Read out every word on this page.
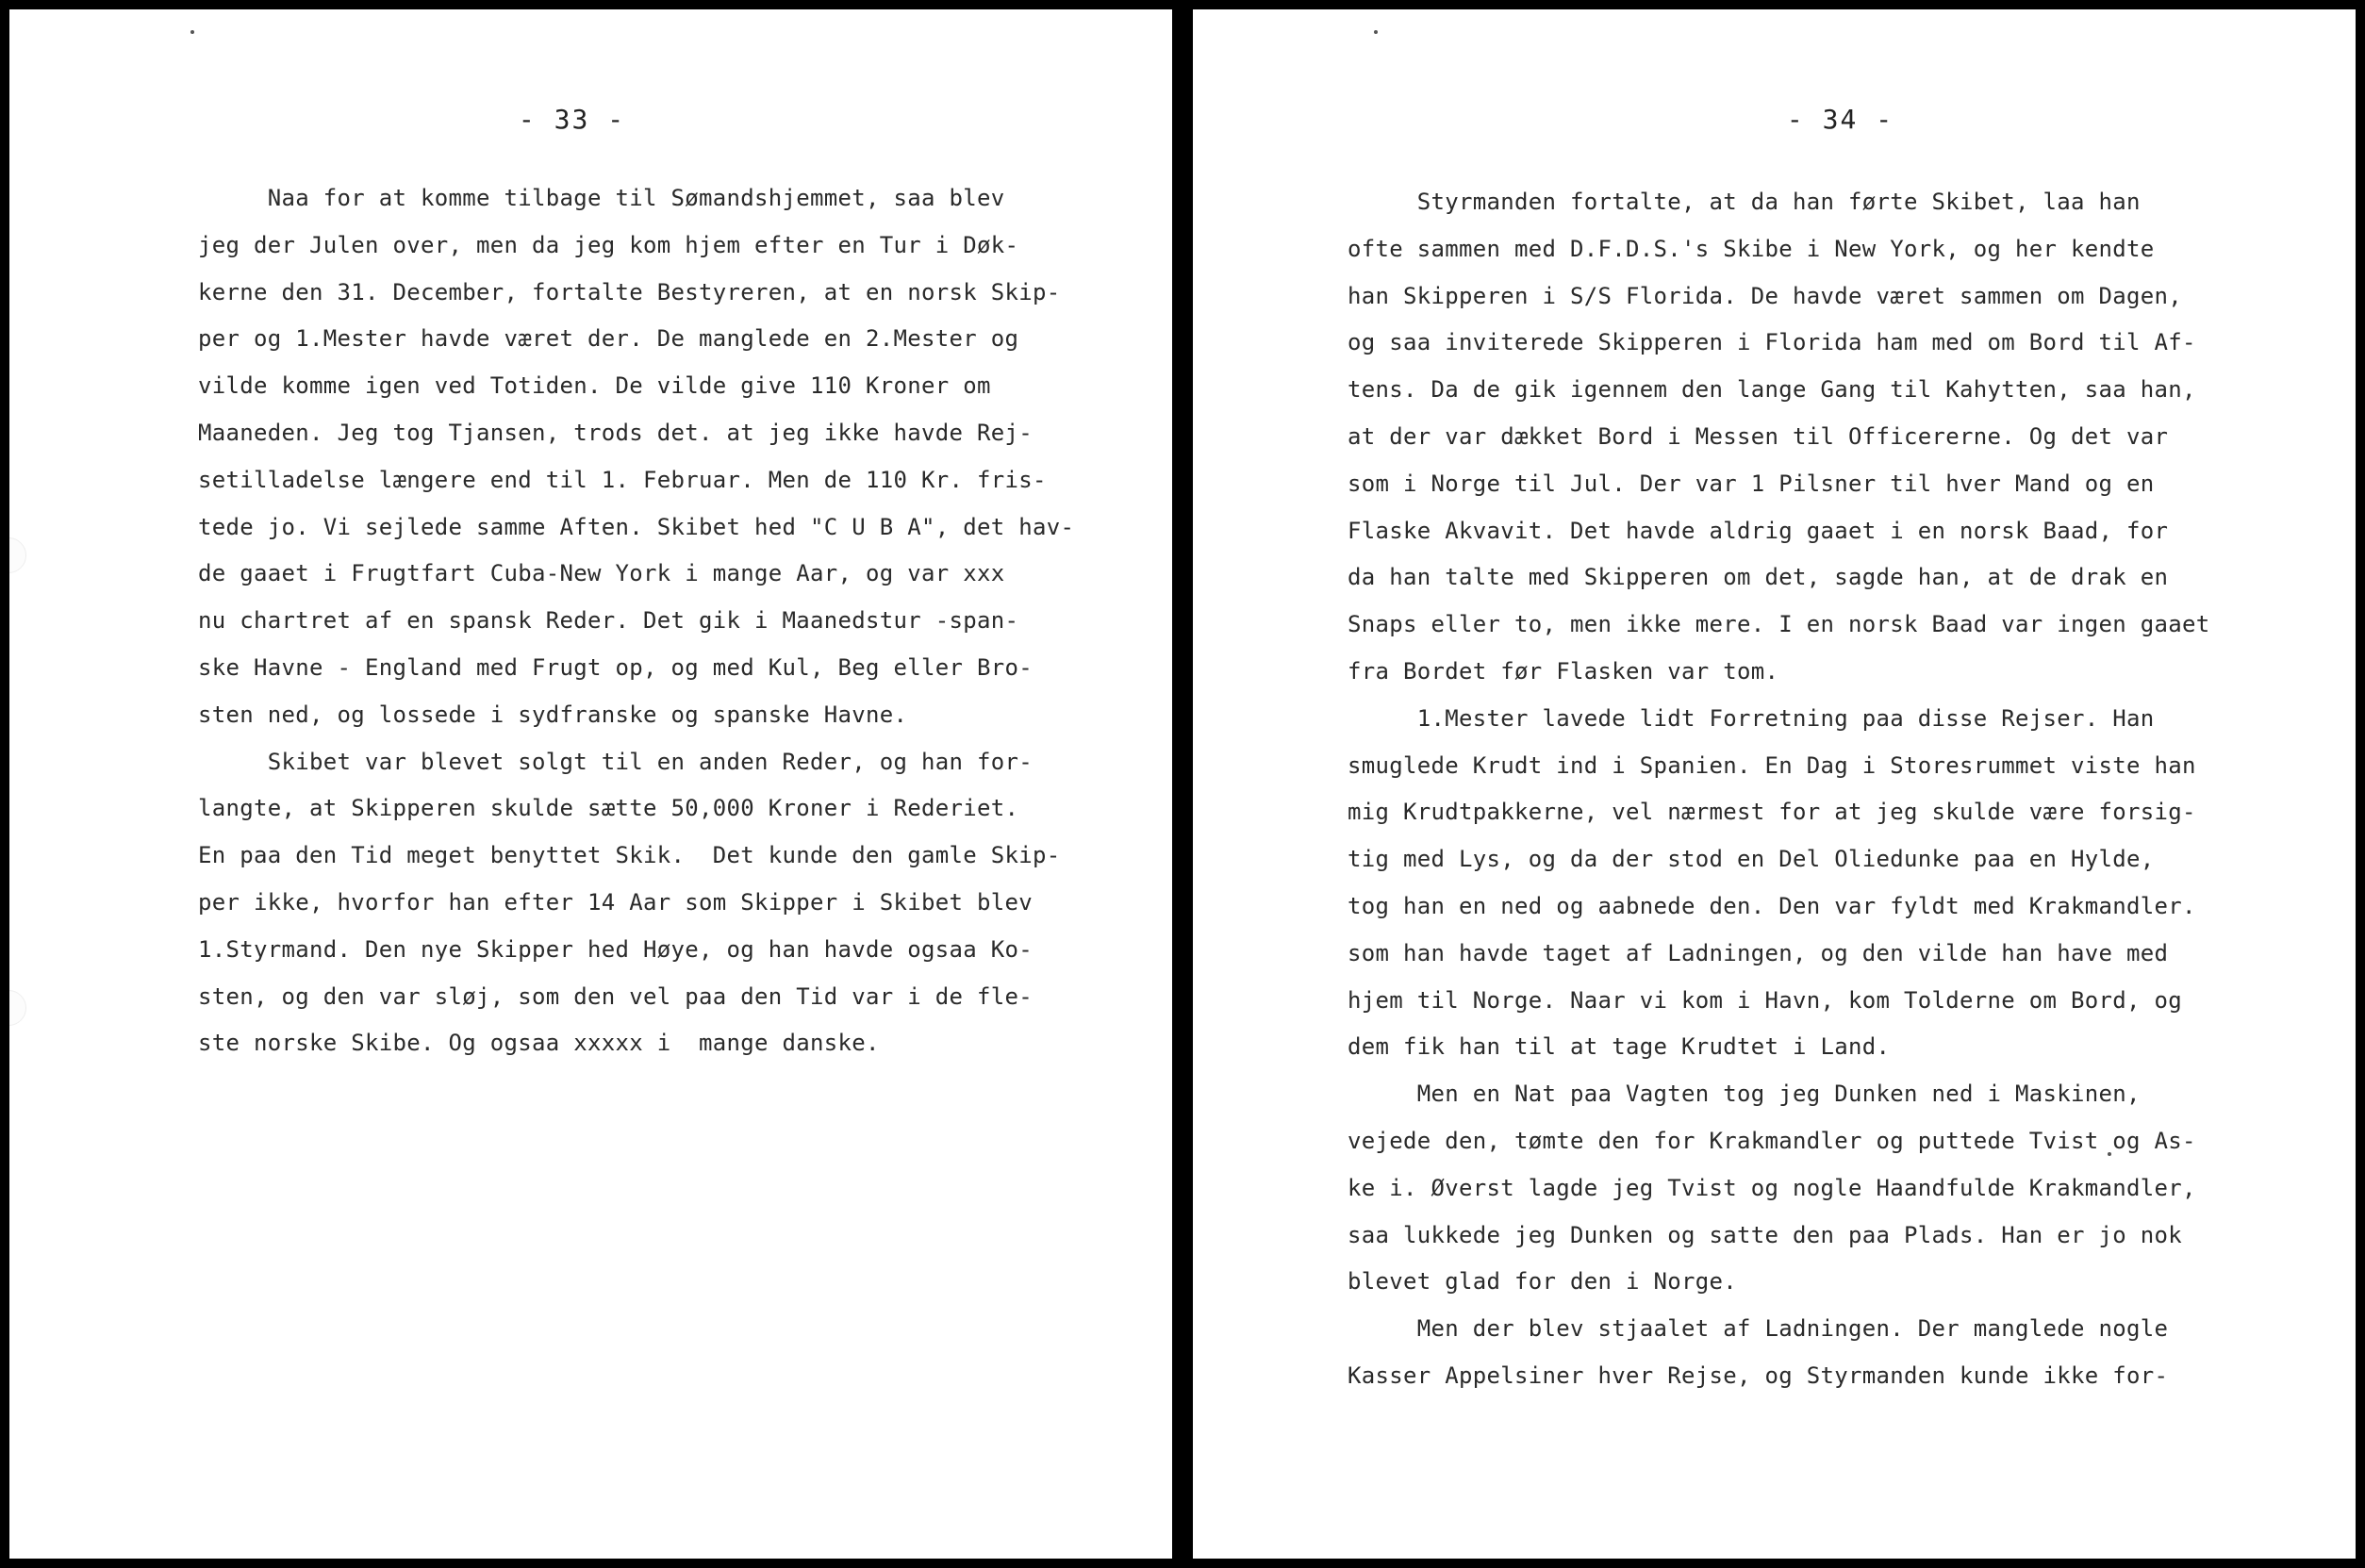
- 33 -
Naa for at komme tilbage til Sømandshjemmet, saa blev
jeg der Julen over, men da jeg kom hjem efter en Tur i Døk-
kerne den 31. December, fortalte Bestyreren, at en norsk Skip-
per og 1.Mester havde været der. De manglede en 2.Mester og
vilde komme igen ved Totiden. De vilde give 110 Kroner om
Maaneden. Jeg tog Tjansen, trods det. at jeg ikke havde Rej-
setilladelse længere end til 1. Februar. Men de 110 Kr. fris-
tede jo. Vi sejlede samme Aften. Skibet hed "C U B A", det hav-
de gaaet i Frugtfart Cuba-New York i mange Aar, og var xxx
nu chartret af en spansk Reder. Det gik i Maanedstur -span-
ske Havne - England med Frugt op, og med Kul, Beg eller Bro-
sten ned, og lossede i sydfranske og spanske Havne.
Skibet var blevet solgt til en anden Reder, og han for-
langte, at Skipperen skulde sætte 50,000 Kroner i Rederiet.
En paa den Tid meget benyttet Skik.  Det kunde den gamle Skip-
per ikke, hvorfor han efter 14 Aar som Skipper i Skibet blev
1.Styrmand. Den nye Skipper hed Høye, og han havde ogsaa Ko-
sten, og den var sløj, som den vel paa den Tid var i de fle-
ste norske Skibe. Og ogsaa xxxxx i  mange danske.
- 34 -
Styrmanden fortalte, at da han førte Skibet, laa han
ofte sammen med D.F.D.S.'s Skibe i New York, og her kendte
han Skipperen i S/S Florida. De havde været sammen om Dagen,
og saa inviterede Skipperen i Florida ham med om Bord til Af-
tens. Da de gik igennem den lange Gang til Kahytten, saa han,
at der var dækket Bord i Messen til Officererne. Og det var
som i Norge til Jul. Der var 1 Pilsner til hver Mand og en
Flaske Akvavit. Det havde aldrig gaaet i en norsk Baad, for
da han talte med Skipperen om det, sagde han, at de drak en
Snaps eller to, men ikke mere. I en norsk Baad var ingen gaaet
fra Bordet før Flasken var tom.
1.Mester lavede lidt Forretning paa disse Rejser. Han
smuglede Krudt ind i Spanien. En Dag i Storesrummet viste han
mig Krudtpakkerne, vel nærmest for at jeg skulde være forsig-
tig med Lys, og da der stod en Del Oliedunke paa en Hylde,
tog han en ned og aabnede den. Den var fyldt med Krakmandler.
som han havde taget af Ladningen, og den vilde han have med
hjem til Norge. Naar vi kom i Havn, kom Tolderne om Bord, og
dem fik han til at tage Krudtet i Land.
Men en Nat paa Vagten tog jeg Dunken ned i Maskinen,
vejede den, tømte den for Krakmandler og puttede Tvist og As-
ke i. Øverst lagde jeg Tvist og nogle Haandfulde Krakmandler,
saa lukkede jeg Dunken og satte den paa Plads. Han er jo nok
blevet glad for den i Norge.
Men der blev stjaalet af Ladningen. Der manglede nogle
Kasser Appelsiner hver Rejse, og Styrmanden kunde ikke for-
